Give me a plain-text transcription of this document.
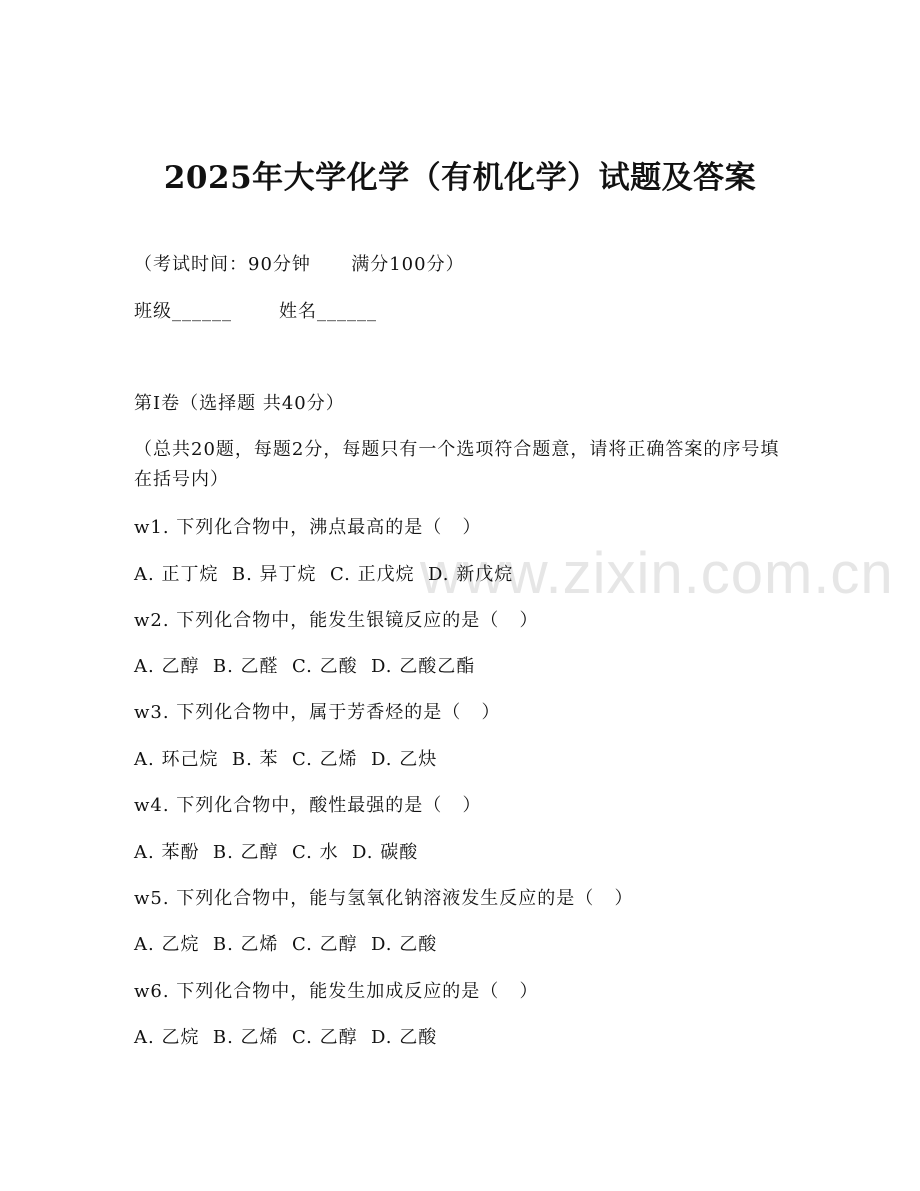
www.zixin.com.cn
2025年大学化学（有机化学）试题及答案
（考试时间：90分钟      满分100分）
班级______       姓名______
第I卷（选择题 共40分）
（总共20题，每题2分，每题只有一个选项符合题意，请将正确答案的序号填在括号内）
w1. 下列化合物中，沸点最高的是（   ）
A. 正丁烷  B. 异丁烷  C. 正戊烷  D. 新戊烷
w2. 下列化合物中，能发生银镜反应的是（   ）
A. 乙醇  B. 乙醛  C. 乙酸  D. 乙酸乙酯
w3. 下列化合物中，属于芳香烃的是（   ）
A. 环己烷  B. 苯  C. 乙烯  D. 乙炔
w4. 下列化合物中，酸性最强的是（   ）
A. 苯酚  B. 乙醇  C. 水  D. 碳酸
w5. 下列化合物中，能与氢氧化钠溶液发生反应的是（   ）
A. 乙烷  B. 乙烯  C. 乙醇  D. 乙酸
w6. 下列化合物中，能发生加成反应的是（   ）
A. 乙烷  B. 乙烯  C. 乙醇  D. 乙酸
